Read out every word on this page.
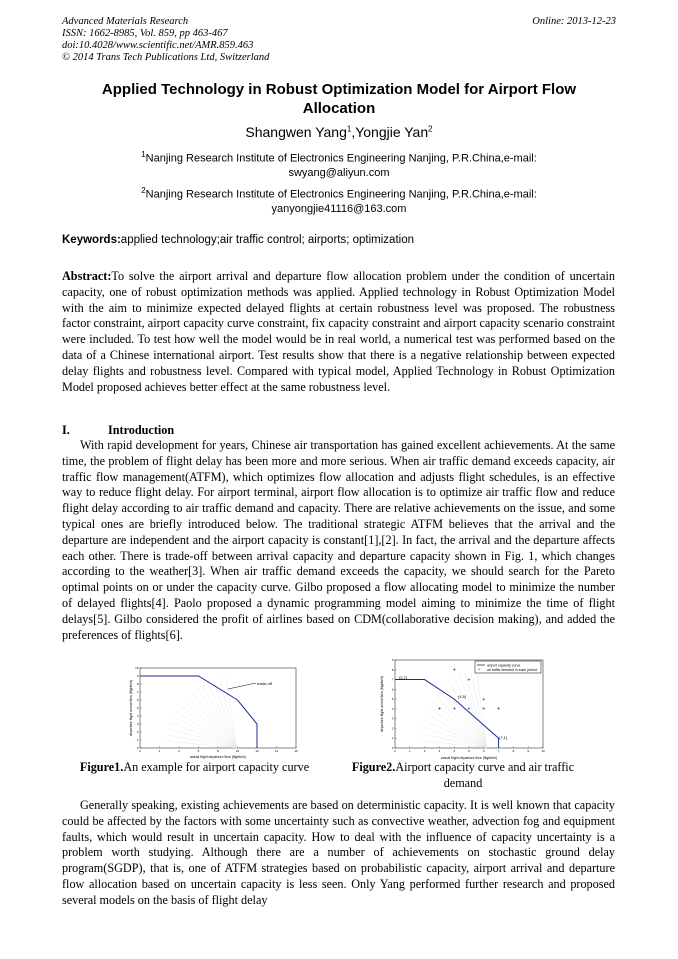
Advanced Materials Research
ISSN: 1662-8985, Vol. 859, pp 463-467
doi:10.4028/www.scientific.net/AMR.859.463
© 2014 Trans Tech Publications Ltd, Switzerland
Online: 2013-12-23
Applied Technology in Robust Optimization Model for Airport Flow Allocation
Shangwen Yang$^1$,Yongjie Yan$^2$
$^1$Nanjing Research Institute of Electronics Engineering Nanjing, P.R.China,e-mail:
swyang@aliyun.com
$^2$Nanjing Research Institute of Electronics Engineering Nanjing, P.R.China,e-mail:
yanyongjie41116@163.com
Keywords:applied technology;air traffic control; airports; optimization
Abstract:To solve the airport arrival and departure flow allocation problem under the condition of uncertain capacity, one of robust optimization methods was applied. Applied technology in Robust Optimization Model with the aim to minimize expected delayed flights at certain robustness level was proposed. The robustness factor constraint, airport capacity curve constraint, fix capacity constraint and airport capacity scenario constraint were included. To test how well the model would be in real world, a numerical test was performed based on the data of a Chinese international airport. Test results show that there is a negative relationship between expected delay flights and robustness level. Compared with typical model, Applied Technology in Robust Optimization Model proposed achieves better effect at the same robustness level.
I.	Introduction
With rapid development for years, Chinese air transportation has gained excellent achievements. At the same time, the problem of flight delay has been more and more serious. When air traffic demand exceeds capacity, air traffic flow management(ATFM), which optimizes flow allocation and adjusts flight schedules, is an effective way to reduce flight delay. For airport terminal, airport flow allocation is to optimize air traffic flow and reduce flight delay according to air traffic demand and capacity. There are relative achievements on the issue, and some typical ones are briefly introduced below. The traditional strategic ATFM believes that the arrival and the departure are independent and the airport capacity is constant[1],[2]. In fact, the arrival and the departure affects each other. There is trade-off between arrival capacity and departure capacity shown in Fig. 1, which changes according to the weather[3]. When air traffic demand exceeds the capacity, we should search for the Pareto optimal points on or under the capacity curve. Gilbo proposed a flow allocating model to minimize the number of delayed flights[4]. Paolo proposed a dynamic programming model aiming to minimize the time of flight delays[5]. Gilbo considered the profit of airlines based on CDM(collaborative decision making), and added the preferences of flights[6].
0	2	4	6	8	10	12	14	16
0
1
2
3
4
5
6
7
8
9
10
trade-off
actual flight departure flow (flights/h)
departure flight arrival flow (flights/h)
0	1	2	3	4	5	6	7	8	9	10
0
1
2
3
4
5
6
7
8
9
+ + + + +
+
+
+
airport capacity curve
+ air traffic demand in each period
(2,7)
(4,5)
(7,1)
actual flight departure flow (flights/h)
departure flight arrival flow (flights/h)
Figure1.An example for airport capacity curve	Figure2.Airport capacity curve and air traffic
demand
Generally speaking, existing achievements are based on deterministic capacity. It is well known that capacity could be affected by the factors with some uncertainty such as convective weather, advection fog and equipment faults, which would result in uncertain capacity. How to deal with the influence of capacity uncertainty is a problem worth studying. Although there are a number of achievements on stochastic ground delay program(SGDP), that is, one of ATFM strategies based on probabilistic capacity, airport arrival and departure flow allocation based on uncertain capacity is less seen. Only Yang performed further research and proposed several models on the basis of flight delay
